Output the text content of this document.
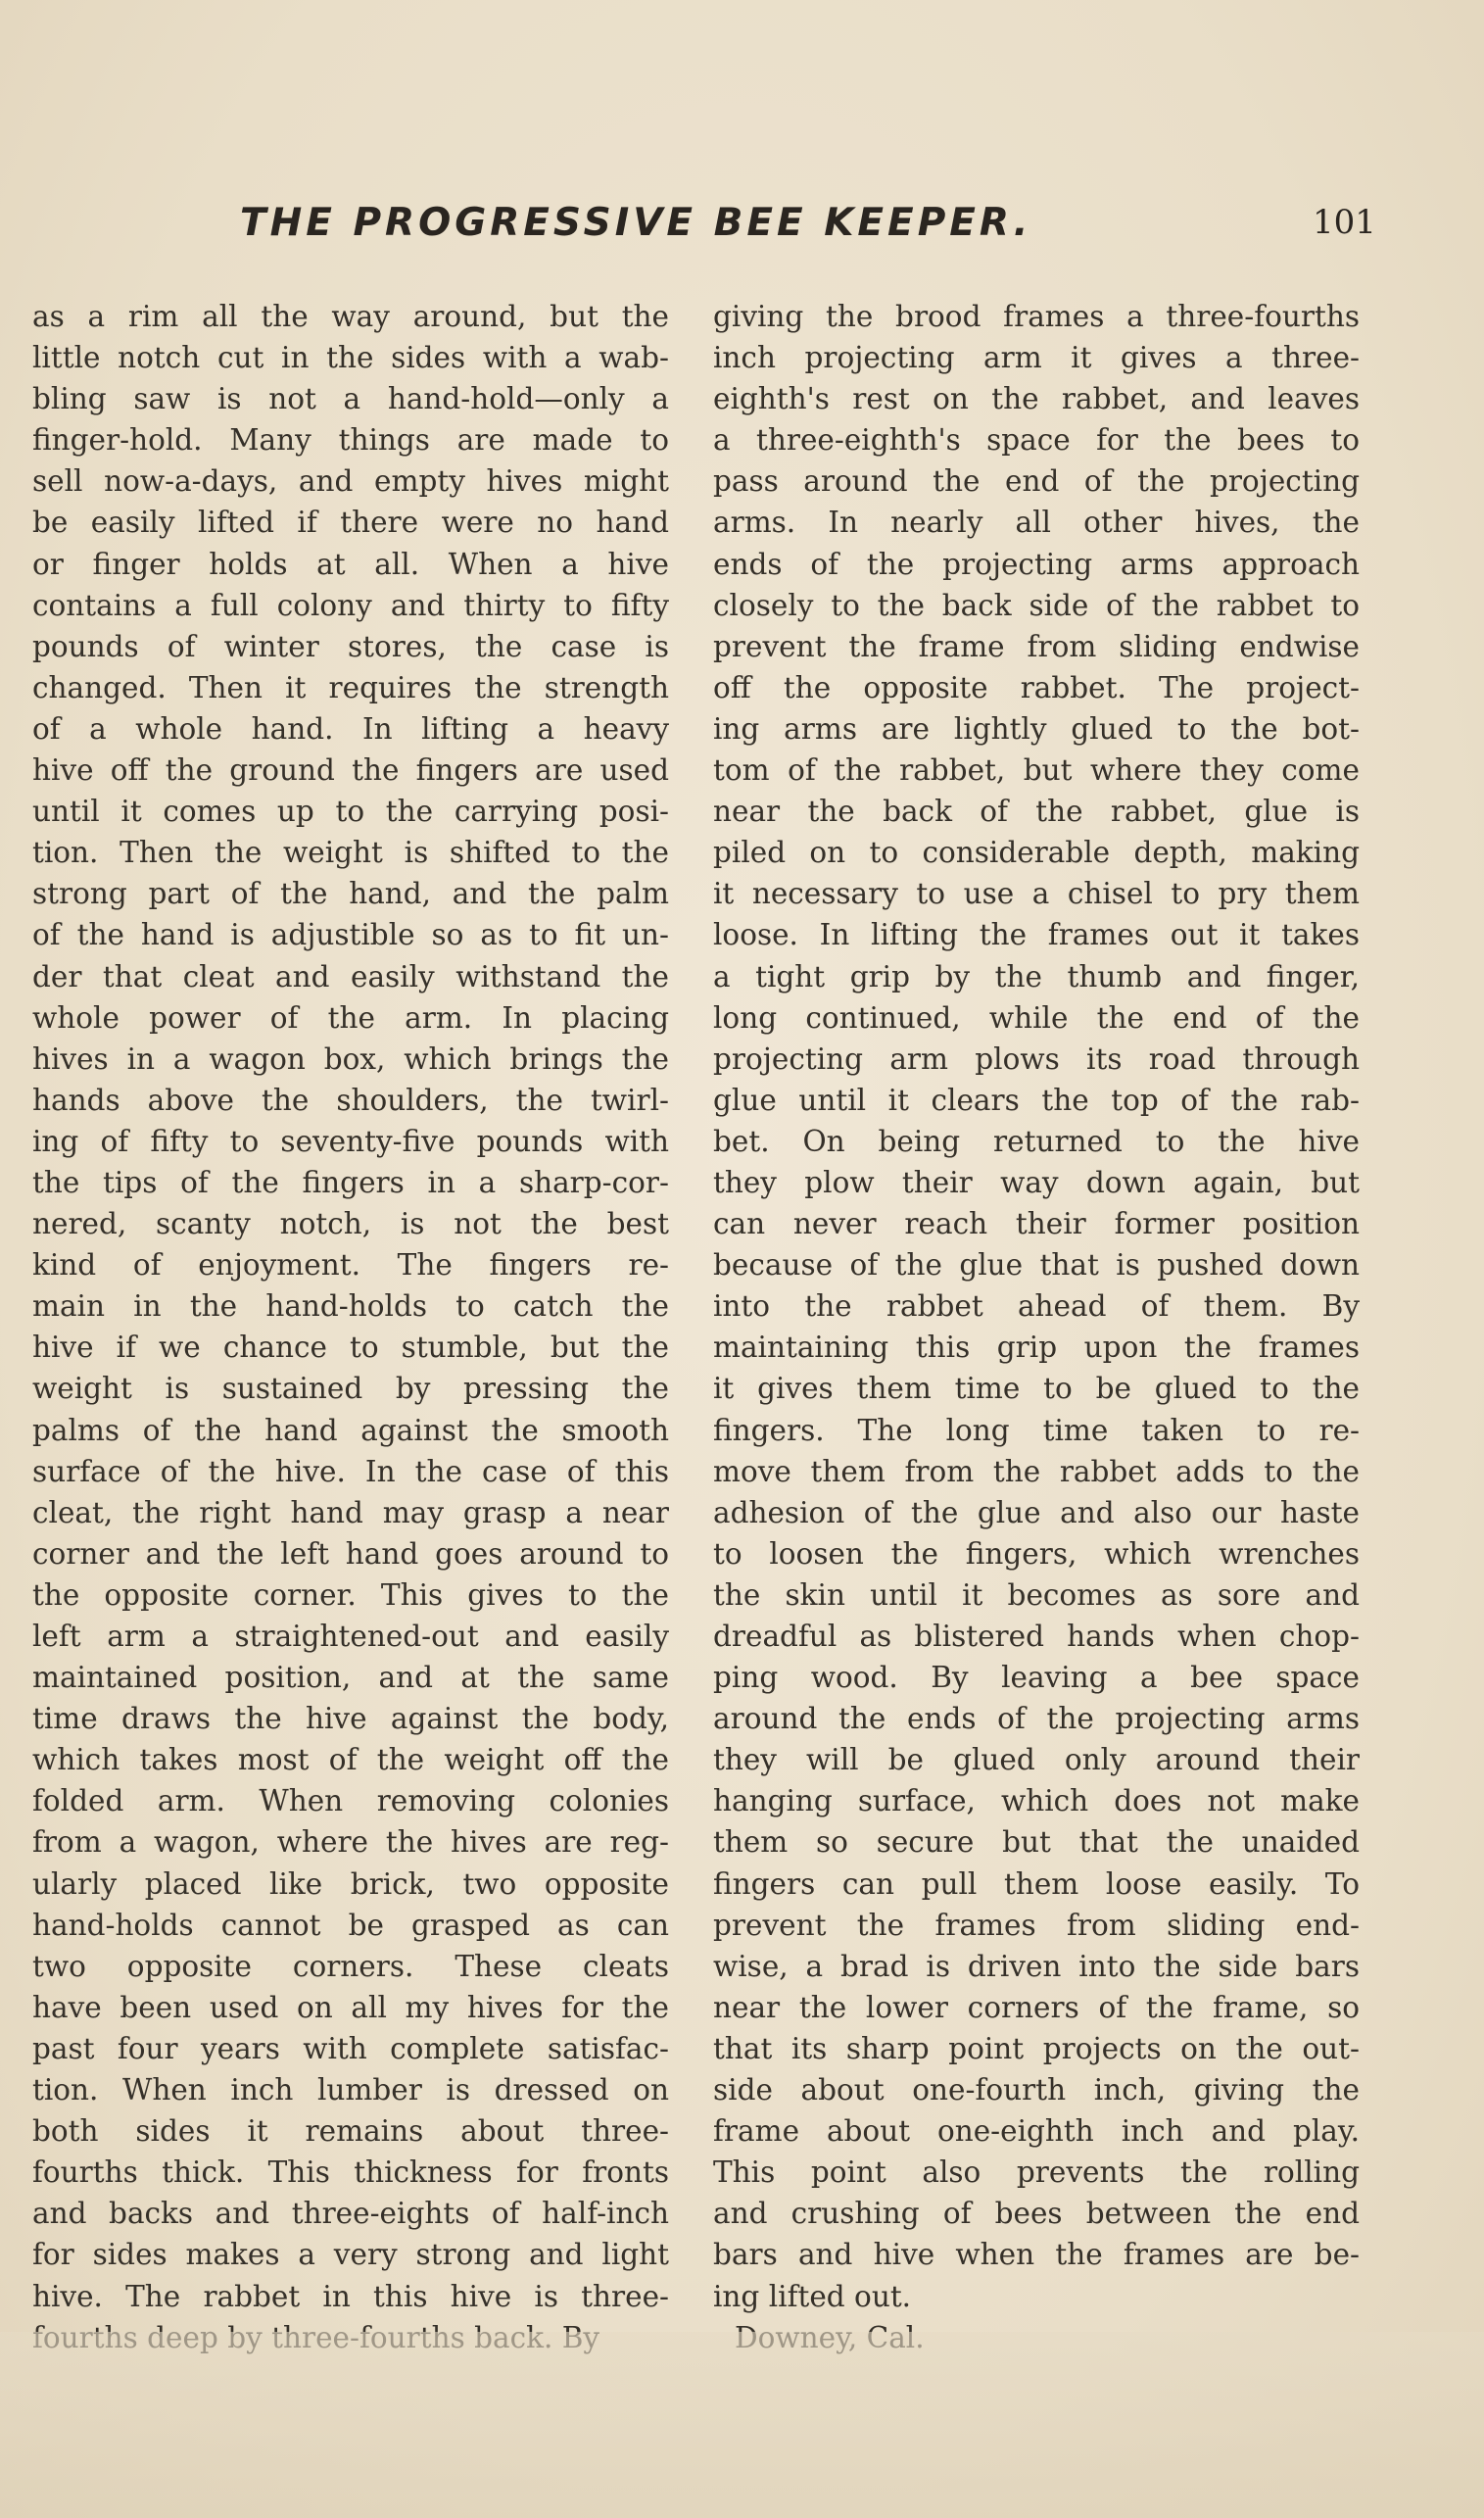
THE PROGRESSIVE BEE KEEPER.	101
as a rim all the way around, but the
little notch cut in the sides with a wab-
bling saw is not a hand-hold—only a
finger-hold. Many things are made to
sell now-a-days, and empty hives might
be easily lifted if there were no hand
or finger holds at all. When a hive
contains a full colony and thirty to fifty
pounds of winter stores, the case is
changed. Then it requires the strength
of a whole hand. In lifting a heavy
hive off the ground the fingers are used
until it comes up to the carrying posi-
tion. Then the weight is shifted to the
strong part of the hand, and the palm
of the hand is adjustible so as to fit un-
der that cleat and easily withstand the
whole power of the arm. In placing
hives in a wagon box, which brings the
hands above the shoulders, the twirl-
ing of fifty to seventy-five pounds with
the tips of the fingers in a sharp-cor-
nered, scanty notch, is not the best
kind of enjoyment. The fingers re-
main in the hand-holds to catch the
hive if we chance to stumble, but the
weight is sustained by pressing the
palms of the hand against the smooth
surface of the hive. In the case of this
cleat, the right hand may grasp a near
corner and the left hand goes around to
the opposite corner. This gives to the
left arm a straightened-out and easily
maintained position, and at the same
time draws the hive against the body,
which takes most of the weight off the
folded arm. When removing colonies
from a wagon, where the hives are reg-
ularly placed like brick, two opposite
hand-holds cannot be grasped as can
two opposite corners. These cleats
have been used on all my hives for the
past four years with complete satisfac-
tion. When inch lumber is dressed on
both sides it remains about three-
fourths thick. This thickness for fronts
and backs and three-eights of half-inch
for sides makes a very strong and light
hive. The rabbet in this hive is three-
giving the brood frames a three-fourths
inch projecting arm it gives a three-
eighth's rest on the rabbet, and leaves
a three-eighth's space for the bees to
pass around the end of the projecting
arms. In nearly all other hives, the
ends of the projecting arms approach
closely to the back side of the rabbet to
prevent the frame from sliding endwise
off the opposite rabbet. The project-
ing arms are lightly glued to the bot-
tom of the rabbet, but where they come
near the back of the rabbet, glue is
piled on to considerable depth, making
it necessary to use a chisel to pry them
loose. In lifting the frames out it takes
a tight grip by the thumb and finger,
long continued, while the end of the
projecting arm plows its road through
glue until it clears the top of the rab-
bet. On being returned to the hive
they plow their way down again, but
can never reach their former position
because of the glue that is pushed down
into the rabbet ahead of them. By
maintaining this grip upon the frames
it gives them time to be glued to the
fingers. The long time taken to re-
move them from the rabbet adds to the
adhesion of the glue and also our haste
to loosen the fingers, which wrenches
the skin until it becomes as sore and
dreadful as blistered hands when chop-
ping wood. By leaving a bee space
around the ends of the projecting arms
they will be glued only around their
hanging surface, which does not make
them so secure but that the unaided
fingers can pull them loose easily. To
prevent the frames from sliding end-
wise, a brad is driven into the side bars
near the lower corners of the frame, so
that its sharp point projects on the out-
side about one-fourth inch, giving the
frame about one-eighth inch and play.
This point also prevents the rolling
and crushing of bees between the end
bars and hive when the frames are be-
ing lifted out.
